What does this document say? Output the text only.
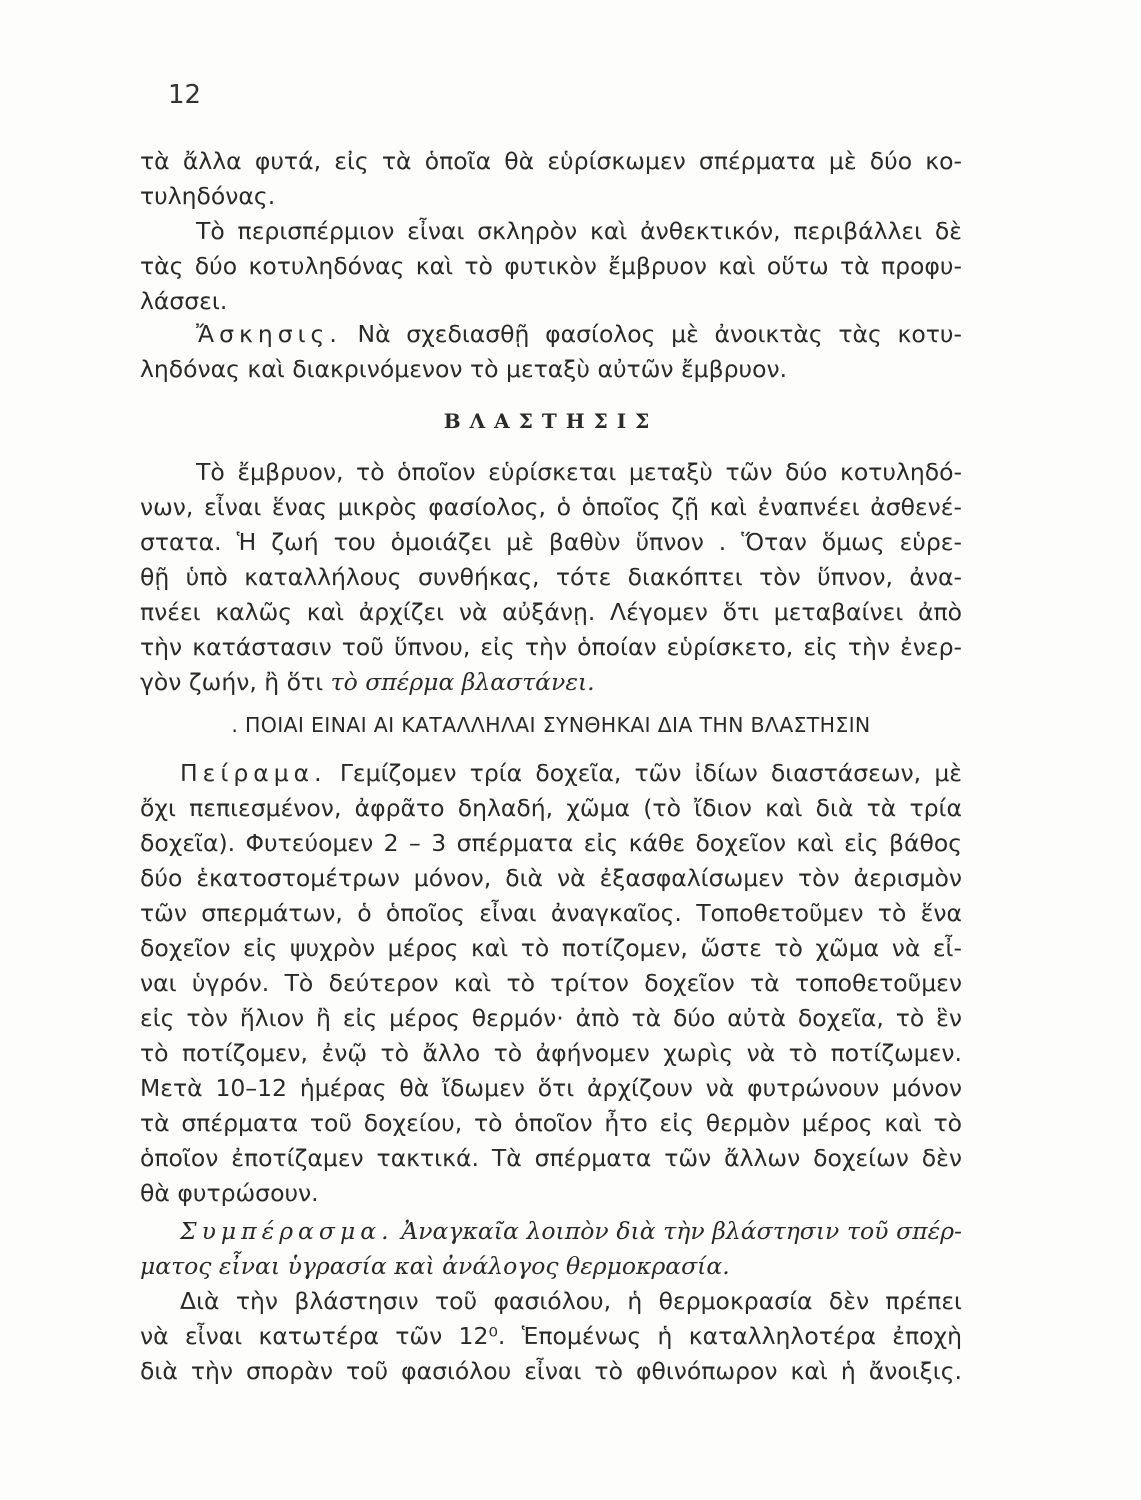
12
τὰ ἄλλα φυτά, εἰς τὰ ὁποῖα θὰ εὑρίσκωμεν σπέρματα μὲ δύο κο-
τυληδόνας.
Τὸ περισπέρμιον εἶναι σκληρὸν καὶ ἀνθεκτικόν, περιβάλλει δὲ
τὰς δύο κοτυληδόνας καὶ τὸ φυτικὸν ἔμβρυον καὶ οὕτω τὰ προφυ-
λάσσει.
Ἄσκησις. Νὰ σχεδιασθῇ φασίολος μὲ ἀνοικτὰς τὰς κοτυ-
ληδόνας καὶ διακρινόμενον τὸ μεταξὺ αὐτῶν ἔμβρυον.
ΒΛΑΣΤΗΣΙΣ
Τὸ ἔμβρυον, τὸ ὁποῖον εὑρίσκεται μεταξὺ τῶν δύο κοτυληδό-
νων, εἶναι ἕνας μικρὸς φασίολος, ὁ ὁποῖος ζῇ καὶ ἐναπνέει ἀσθενέ-
στατα. Ἡ ζωή του ὁμοιάζει μὲ βαθὺν ὕπνον . Ὅταν ὅμως εὑρε-
θῇ ὑπὸ καταλλήλους συνθήκας, τότε διακόπτει τὸν ὕπνον, ἀνα-
πνέει καλῶς καὶ ἀρχίζει νὰ αὐξάνῃ. Λέγομεν ὅτι μεταβαίνει ἀπὸ
τὴν κατάστασιν τοῦ ὕπνου, εἰς τὴν ὁποίαν εὑρίσκετο, εἰς τὴν ἐνερ-
γὸν ζωήν, ἢ ὅτι τὸ σπέρμα βλαστάνει.
. ΠΟΙΑΙ ΕΙΝΑΙ ΑΙ ΚΑΤΑΛΛΗΛΑΙ ΣΥΝΘΗΚΑΙ ΔΙΑ ΤΗΝ ΒΛΑΣΤΗΣΙΝ
Πείραμα. Γεμίζομεν τρία δοχεῖα, τῶν ἰδίων διαστάσεων, μὲ
ὄχι πεπιεσμένον, ἀφρᾶτο δηλαδή, χῶμα (τὸ ἴδιον καὶ διὰ τὰ τρία
δοχεῖα). Φυτεύομεν 2 – 3 σπέρματα εἰς κάθε δοχεῖον καὶ εἰς βάθος
δύο ἑκατοστομέτρων μόνον, διὰ νὰ ἐξασφαλίσωμεν τὸν ἀερισμὸν
τῶν σπερμάτων, ὁ ὁποῖος εἶναι ἀναγκαῖος. Τοποθετοῦμεν τὸ ἕνα
δοχεῖον εἰς ψυχρὸν μέρος καὶ τὸ ποτίζομεν, ὥστε τὸ χῶμα νὰ εἶ-
ναι ὑγρόν. Τὸ δεύτερον καὶ τὸ τρίτον δοχεῖον τὰ τοποθετοῦμεν
εἰς τὸν ἥλιον ἢ εἰς μέρος θερμόν· ἀπὸ τὰ δύο αὐτὰ δοχεῖα, τὸ ἓν
τὸ ποτίζομεν, ἐνῷ τὸ ἄλλο τὸ ἀφήνομεν χωρὶς νὰ τὸ ποτίζωμεν.
Μετὰ 10–12 ἡμέρας θὰ ἴδωμεν ὅτι ἀρχίζουν νὰ φυτρώνουν μόνον
τὰ σπέρματα τοῦ δοχείου, τὸ ὁποῖον ἦτο εἰς θερμὸν μέρος καὶ τὸ
ὁποῖον ἐποτίζαμεν τακτικά. Τὰ σπέρματα τῶν ἄλλων δοχείων δὲν
θὰ φυτρώσουν.
Συμπέρασμα. Ἀναγκαῖα λοιπὸν διὰ τὴν βλάστησιν τοῦ σπέρ-
ματος εἶναι ὑγρασία καὶ ἀνάλογος θερμοκρασία.
Διὰ τὴν βλάστησιν τοῦ φασιόλου, ἡ θερμοκρασία δὲν πρέπει
νὰ εἶναι κατωτέρα τῶν 12⁰. Ἑπομένως ἡ καταλληλοτέρα ἐποχὴ
διὰ τὴν σπορὰν τοῦ φασιόλου εἶναι τὸ φθινόπωρον καὶ ἡ ἄνοιξις.
